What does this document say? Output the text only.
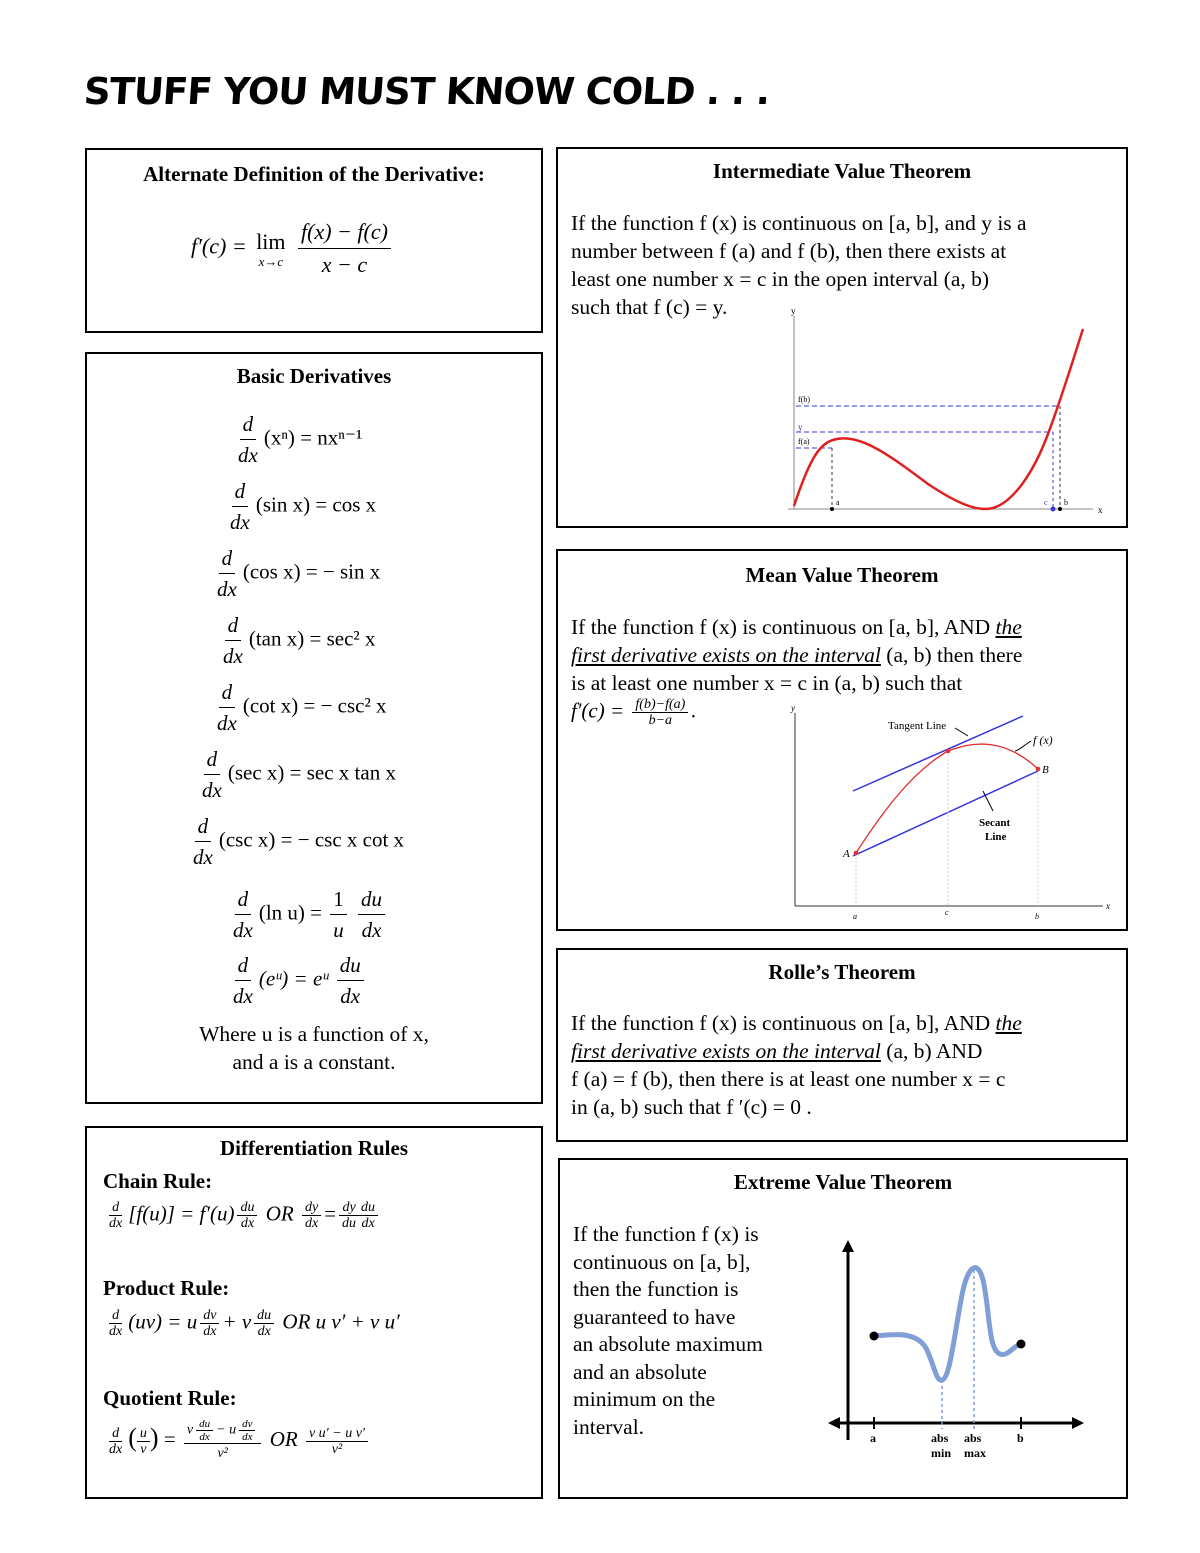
STUFF YOU MUST KNOW COLD . . .
Alternate Definition of the Derivative:
f′(c) = lim
x→c
$\frac{f(x) - f(c)}{x - c}$
Basic Derivatives
$\frac{d}{dx} (x^n) = nx^{n-1}$
$\frac{d}{dx} (\sin$ x) = cos x
$\frac{d}{dx} (\cos$ x) = − sin x
$\frac{d}{dx} (\tan$ x) = sec² x
$\frac{d}{dx} (\cot$ x) = − csc² x
$\frac{d}{dx} (\sec$ x) = sec x tan x
$\frac{d}{dx} (\csc$ x) = − csc x cot x
$\frac{d}{dx} (\ln$ $u) = \frac{1}{u}$
$\frac{du}{dx}$
$\frac{d}{dx}$ (eᵘ) = eᵘ $\frac{du}{dx}$
Where u is a function of x,
and a is a constant.
Differentiation Rules
Chain Rule:
$\frac{d}{dx} [f(u)] = f'(u) \frac{du}{dx}$ OR $\frac{dy}{dx} = \frac{dy}{du} \frac{du}{dx}$
Product Rule:
$\frac{d}{dx} (uv) = u \frac{dv}{dx} + v \frac{du}{dx}$ OR u v′ + v u′
Quotient Rule:
$\frac{d}{dx}$ ( $\frac{u}{v}$ ) = v $\frac{du}{dx} - u \frac{dv}{dx}$
v²
OR $\frac{\text{v u′ − u v′}}{\text{v²}}$
Intermediate Value Theorem
If the function f (x) is continuous on [a, b], and y is a
number between f (a) and f (b), then there exists at
least one number x = c in the open interval (a, b)
such that f (c) = y.	y
x
f(b)
y
f(a)
a	c b
Mean Value Theorem
If the function f (x) is continuous on [a, b], AND the
first derivative exists on the interval (a, b) then there
is at least one number x = c in (a, b) such that
$f'(c) = \frac{f(b)-f(a)}{b-a}$ .	y
x
Tangent Line
f (x)
B
A
Secant
Line
a	c	b
Rolle’s Theorem
If the function f (x) is continuous on [a, b], AND the
first derivative exists on the interval (a, b) AND
f (a) = f (b), then there is at least one number x = c
in (a, b) such that f ′(c) = 0 .
Extreme Value Theorem
If the function f (x) is
continuous on [a, b],
then the function is
guaranteed to have
an absolute maximum
and an absolute
minimum on the
interval.	a	abs abs	b
min max
